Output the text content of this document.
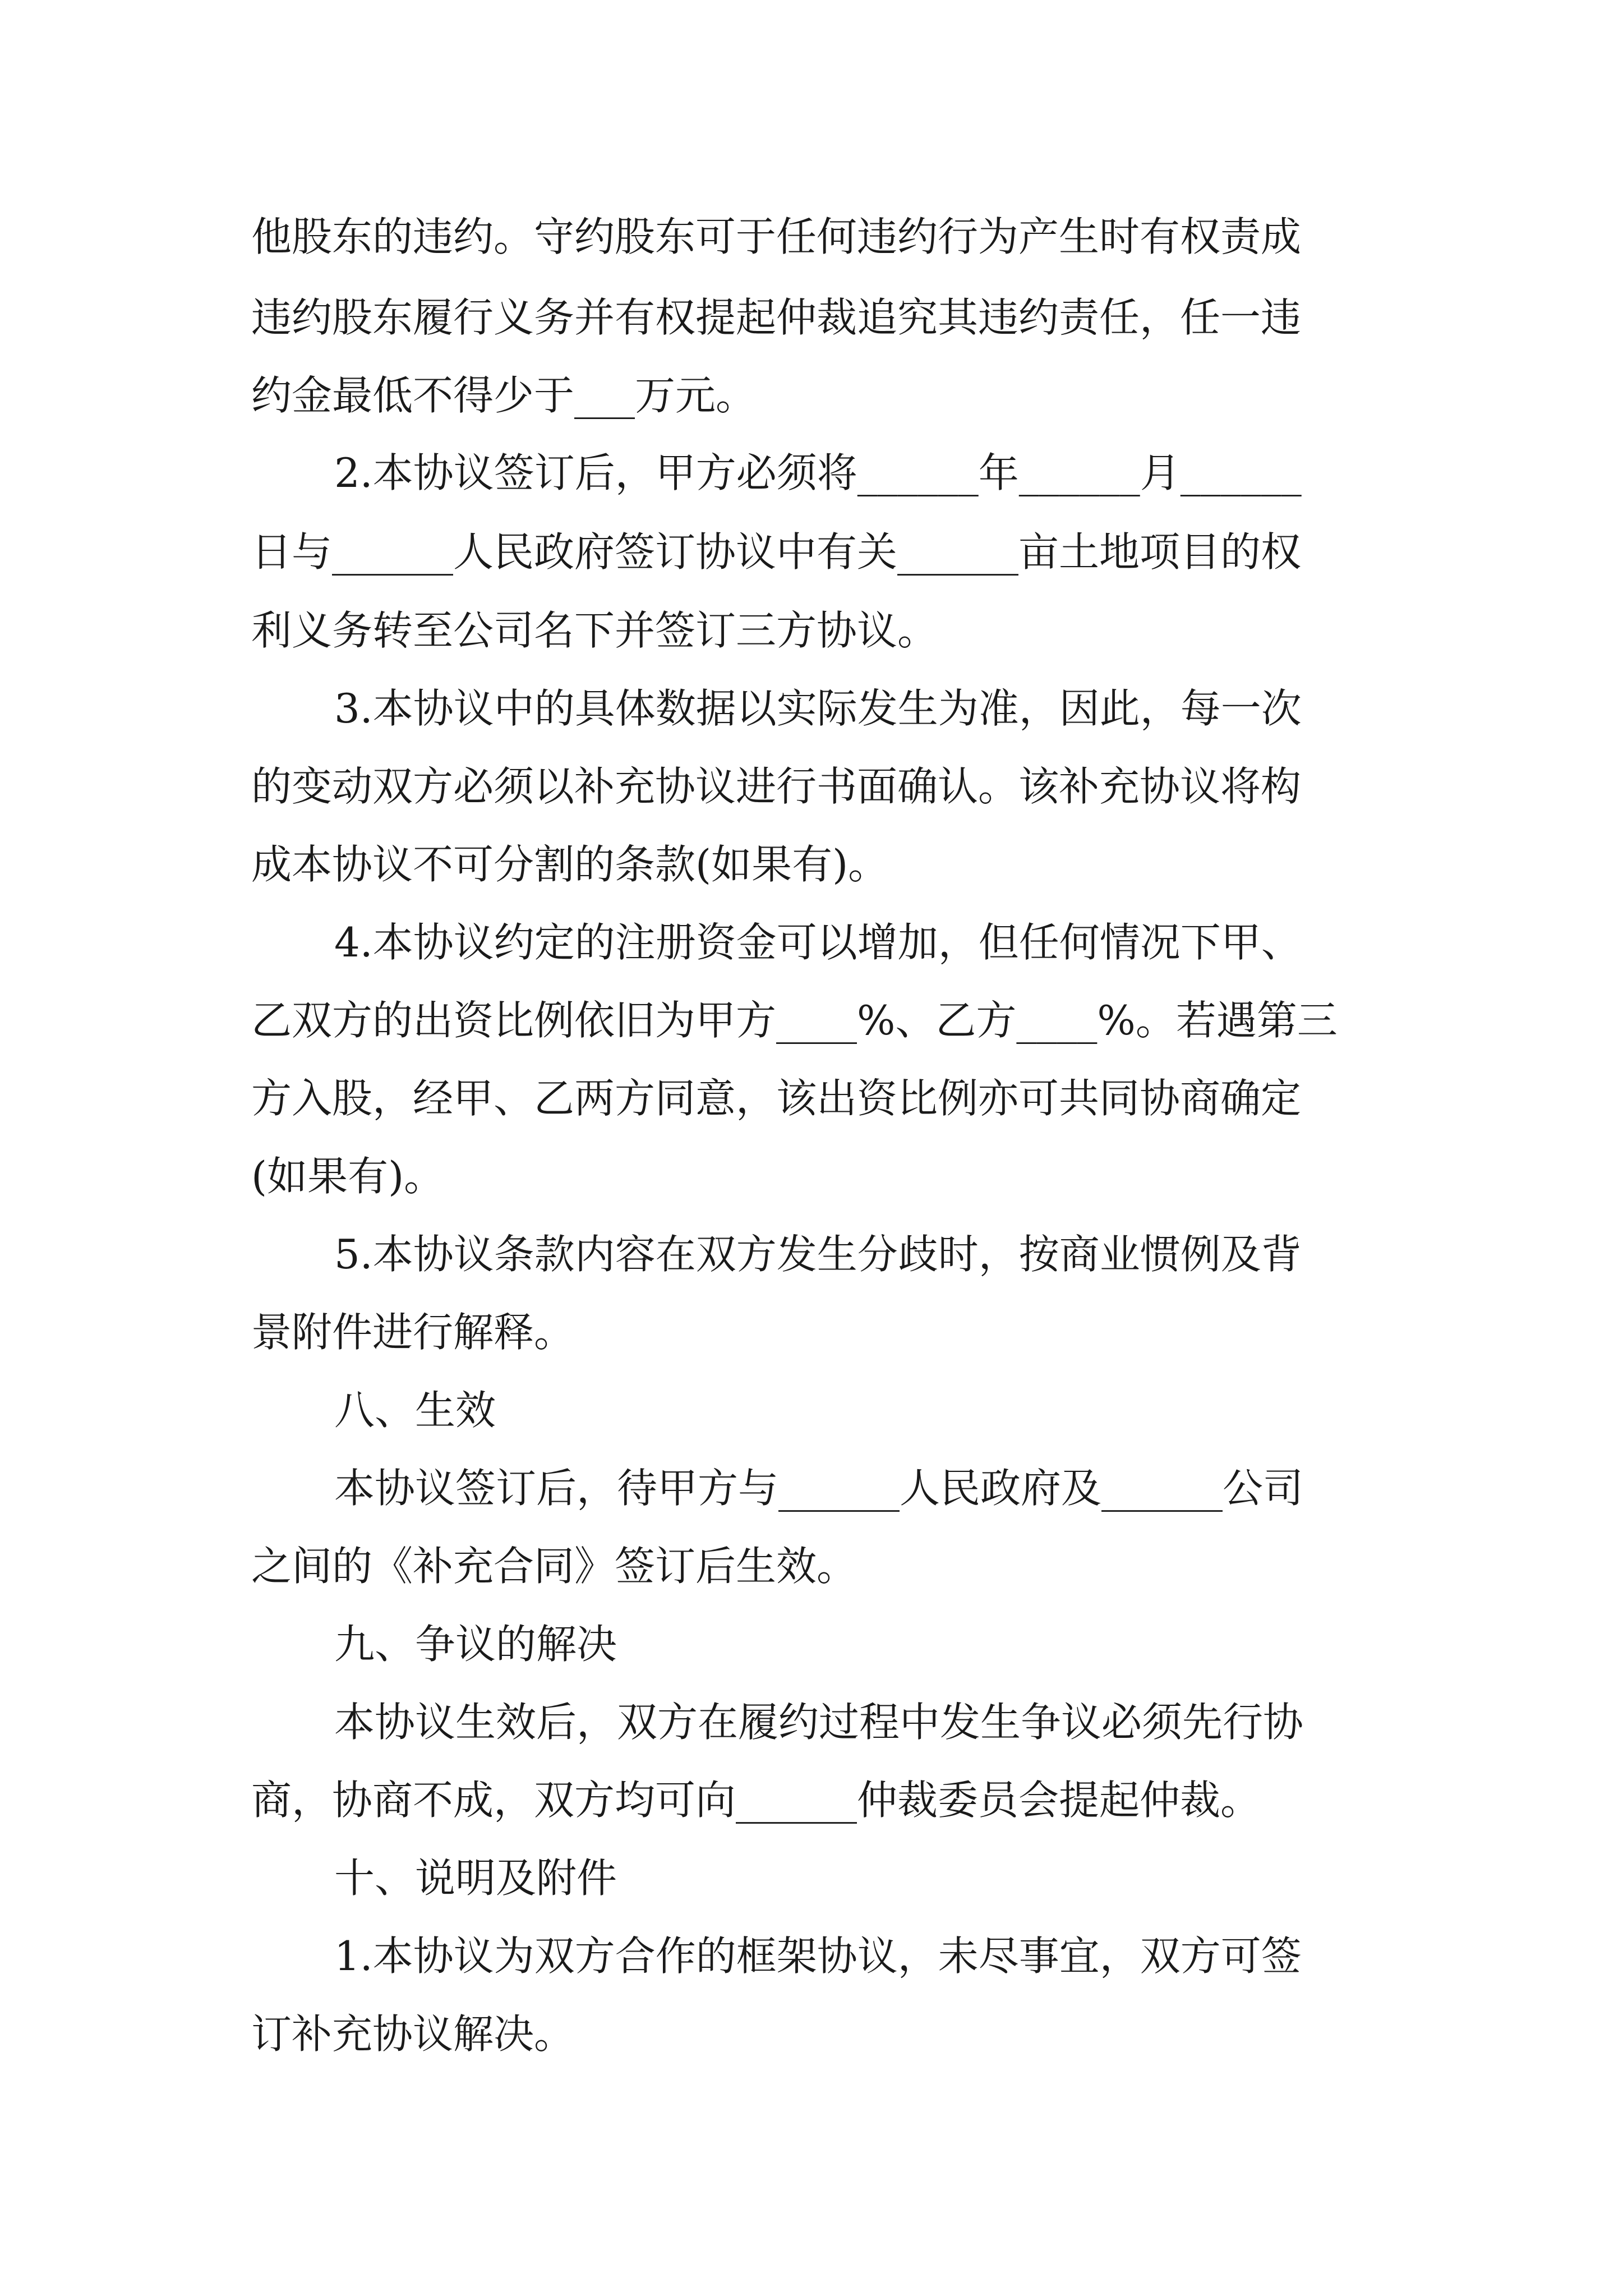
他股东的违约。守约股东可于任何违约行为产生时有权责成
违约股东履行义务并有权提起仲裁追究其违约责任，任一违
约金最低不得少于___万元。
2.本协议签订后，甲方必须将______年______月______
日与______人民政府签订协议中有关______亩土地项目的权
利义务转至公司名下并签订三方协议。
3.本协议中的具体数据以实际发生为准，因此，每一次
的变动双方必须以补充协议进行书面确认。该补充协议将构
成本协议不可分割的条款(如果有)。
4.本协议约定的注册资金可以增加，但任何情况下甲、
乙双方的出资比例依旧为甲方____%、乙方____%。若遇第三
方入股，经甲、乙两方同意，该出资比例亦可共同协商确定
(如果有)。
5.本协议条款内容在双方发生分歧时，按商业惯例及背
景附件进行解释。
八、生效
本协议签订后，待甲方与______人民政府及______公司
之间的《补充合同》签订后生效。
九、争议的解决
本协议生效后，双方在履约过程中发生争议必须先行协
商，协商不成，双方均可向______仲裁委员会提起仲裁。
十、说明及附件
1.本协议为双方合作的框架协议，未尽事宜，双方可签
订补充协议解决。
